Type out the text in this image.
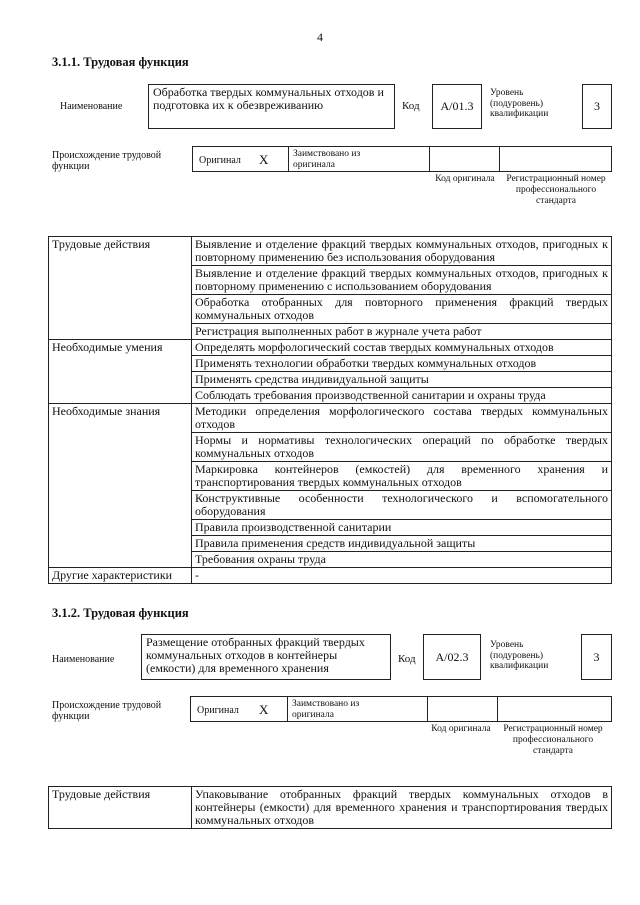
4
3.1.1. Трудовая функция
Наименование
Обработка твердых коммунальных отходов и подготовка их к обезвреживанию	Код	A/01.3
Уровень (подуровень) квалификации
3
Происхождение трудовой функции
Оригинал X	Заимствовано из оригинала
Код оригинала	Регистрационный номер профессионального стандарта
Трудовые действия	Выявление и отделение фракций твердых коммунальных отходов, пригодных к повторному применению без использования оборудования
	Выявление и отделение фракций твердых коммунальных отходов, пригодных к повторному применению с использованием оборудования
	Обработка отобранных для повторного применения фракций твердых коммунальных отходов
	Регистрация выполненных работ в журнале учета работ
Необходимые умения	Определять морфологический состав твердых коммунальных отходов
	Применять технологии обработки твердых коммунальных отходов
	Применять средства индивидуальной защиты
	Соблюдать требования производственной санитарии и охраны труда
Необходимые знания	Методики определения морфологического состава твердых коммунальных отходов
	Нормы и нормативы технологических операций по обработке твердых коммунальных отходов
	Маркировка контейнеров (емкостей) для временного хранения и транспортирования твердых коммунальных отходов
	Конструктивные особенности технологического и вспомогательного оборудования
	Правила производственной санитарии
	Правила применения средств индивидуальной защиты
	Требования охраны труда
Другие характеристики	-
3.1.2. Трудовая функция
Наименование
Размещение отобранных фракций твердых коммунальных отходов в контейнеры (емкости) для временного хранения
Код	A/02.3
Уровень (подуровень) квалификации
3
Происхождение трудовой функции
Оригинал X Заимствовано из оригинала
Код оригинала	Регистрационный номер профессионального стандарта
Трудовые действия	Упаковывание отобранных фракций твердых коммунальных отходов в контейнеры (емкости) для временного хранения и транспортирования твердых коммунальных отходов
